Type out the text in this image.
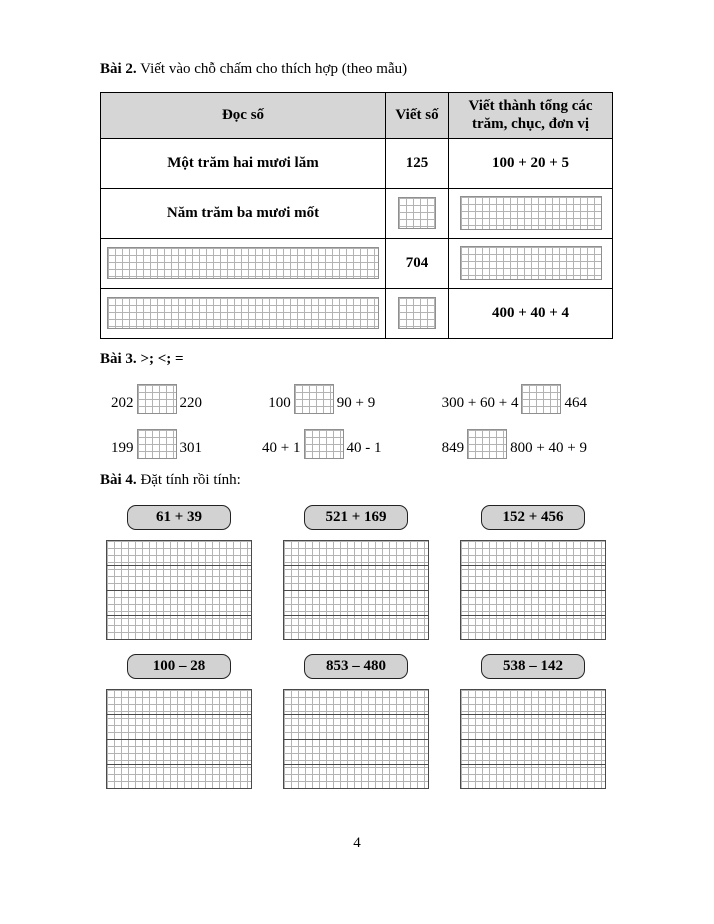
Bài 2. Viết vào chỗ chấm cho thích hợp (theo mẫu)
Đọc số	Viết số	Viết thành tổng các trăm, chục, đơn vị
Một trăm hai mươi lăm	125	100 + 20 + 5
Năm trăm ba mươi mốt		
	704	
		400 + 40 + 4
Bài 3. >; <; =
202	220	100	90 + 9	300 + 60 + 4	464
199	301	40 + 1	40 - 1	849	800 + 40 + 9
Bài 4. Đặt tính rồi tính:
61 + 39	521 + 169	152 + 456
100 – 28	853 – 480	538 – 142
4
